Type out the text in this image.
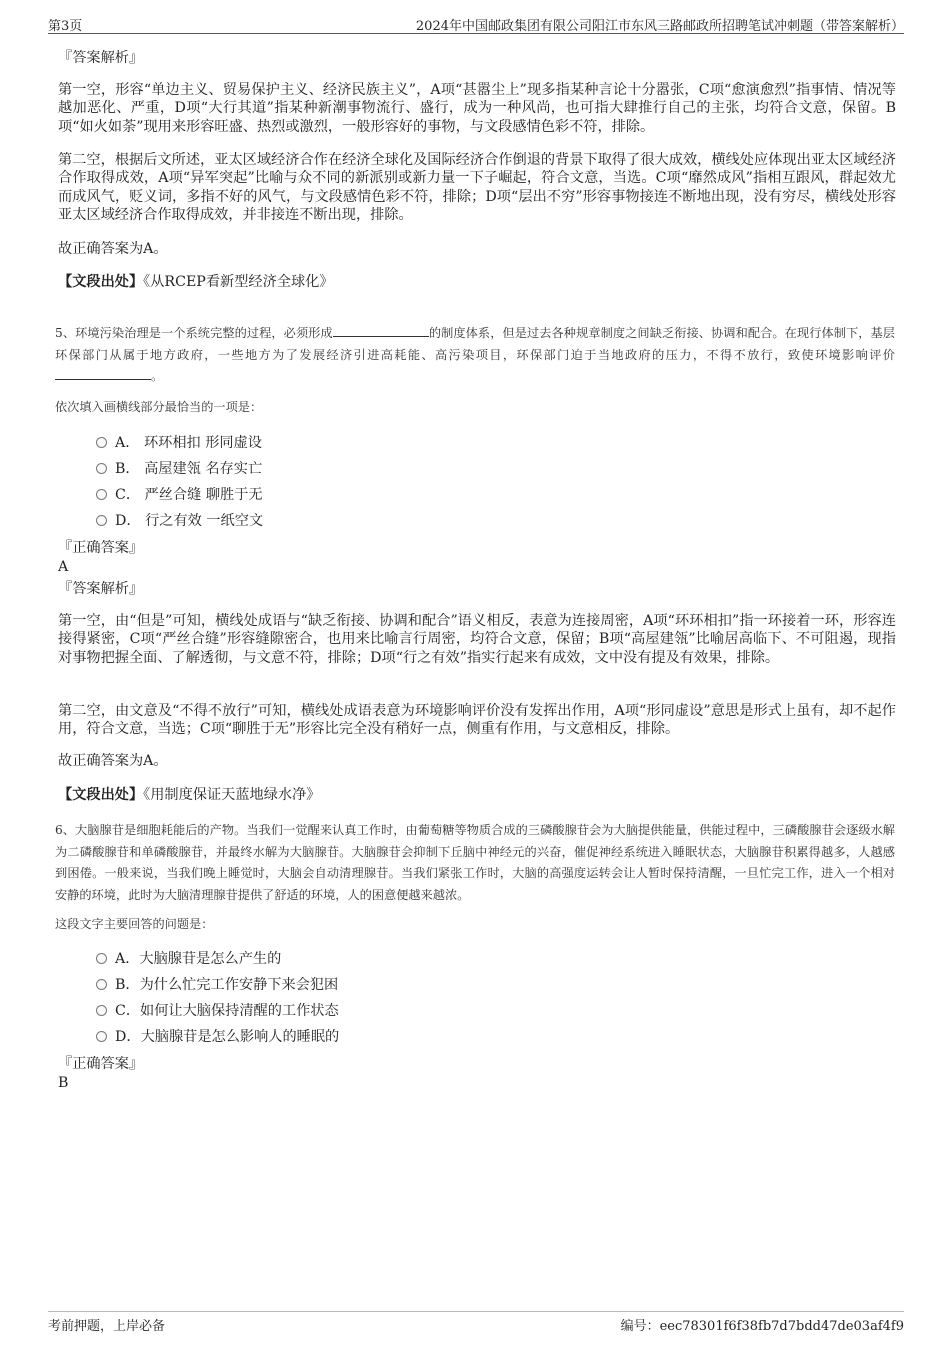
第3页	2024年中国邮政集团有限公司阳江市东风三路邮政所招聘笔试冲刺题（带答案解析）
『答案解析』
第一空，形容“单边主义、贸易保护主义、经济民族主义”，A项“甚嚣尘上”现多指某种言论十分嚣张，C项“愈演愈烈”指事情、情况等越加恶化、严重，D项“大行其道”指某种新潮事物流行、盛行，成为一种风尚，也可指大肆推行自己的主张，均符合文意，保留。B项“如火如荼”现用来形容旺盛、热烈或激烈，一般形容好的事物，与文段感情色彩不符，排除。
第二空，根据后文所述，亚太区域经济合作在经济全球化及国际经济合作倒退的背景下取得了很大成效，横线处应体现出亚太区域经济合作取得成效，A项“异军突起”比喻与众不同的新派别或新力量一下子崛起，符合文意，当选。C项“靡然成风”指相互跟风，群起效尤而成风气，贬义词，多指不好的风气，与文段感情色彩不符，排除；D项“层出不穷”形容事物接连不断地出现，没有穷尽，横线处形容亚太区域经济合作取得成效，并非接连不断出现，排除。
故正确答案为A。
【文段出处】《从RCEP看新型经济全球化》
5、环境污染治理是一个系统完整的过程，必须形成	的制度体系，但是过去各种规章制度之间缺乏衔接、协调和配合。在现行体制下，基层环保部门从属于地方政府，一些地方为了发展经济引进高耗能、高污染项目，环保部门迫于当地政府的压力，不得不放行，致使环境影响评价。
依次填入画横线部分最恰当的一项是：
A． 环环相扣 形同虚设
B． 高屋建瓴 名存实亡
C． 严丝合缝 聊胜于无
D． 行之有效 一纸空文
『正确答案』
A
『答案解析』
第一空，由“但是”可知，横线处成语与“缺乏衔接、协调和配合”语义相反，表意为连接周密，A项“环环相扣”指一环接着一环，形容连接得紧密，C项“严丝合缝”形容缝隙密合，也用来比喻言行周密，均符合文意，保留；B项“高屋建瓴”比喻居高临下、不可阻遏，现指对事物把握全面、了解透彻，与文意不符，排除；D项“行之有效”指实行起来有成效，文中没有提及有效果，排除。
第二空，由文意及“不得不放行”可知，横线处成语表意为环境影响评价没有发挥出作用，A项“形同虚设”意思是形式上虽有，却不起作用，符合文意，当选；C项“聊胜于无”形容比完全没有稍好一点，侧重有作用，与文意相反，排除。
故正确答案为A。
【文段出处】《用制度保证天蓝地绿水净》
6、大脑腺苷是细胞耗能后的产物。当我们一觉醒来认真工作时，由葡萄糖等物质合成的三磷酸腺苷会为大脑提供能量，供能过程中，三磷酸腺苷会逐级水解为二磷酸腺苷和单磷酸腺苷，并最终水解为大脑腺苷。大脑腺苷会抑制下丘脑中神经元的兴奋，催促神经系统进入睡眠状态，大脑腺苷积累得越多，人越感到困倦。一般来说，当我们晚上睡觉时，大脑会自动清理腺苷。当我们紧张工作时，大脑的高强度运转会让人暂时保持清醒，一旦忙完工作，进入一个相对安静的环境，此时为大脑清理腺苷提供了舒适的环境，人的困意便越来越浓。
这段文字主要回答的问题是：
A．大脑腺苷是怎么产生的
B．为什么忙完工作安静下来会犯困
C．如何让大脑保持清醒的工作状态
D．大脑腺苷是怎么影响人的睡眠的
『正确答案』
B
考前押题，上岸必备	编号：eec78301f6f38fb7d7bdd47de03af4f9
